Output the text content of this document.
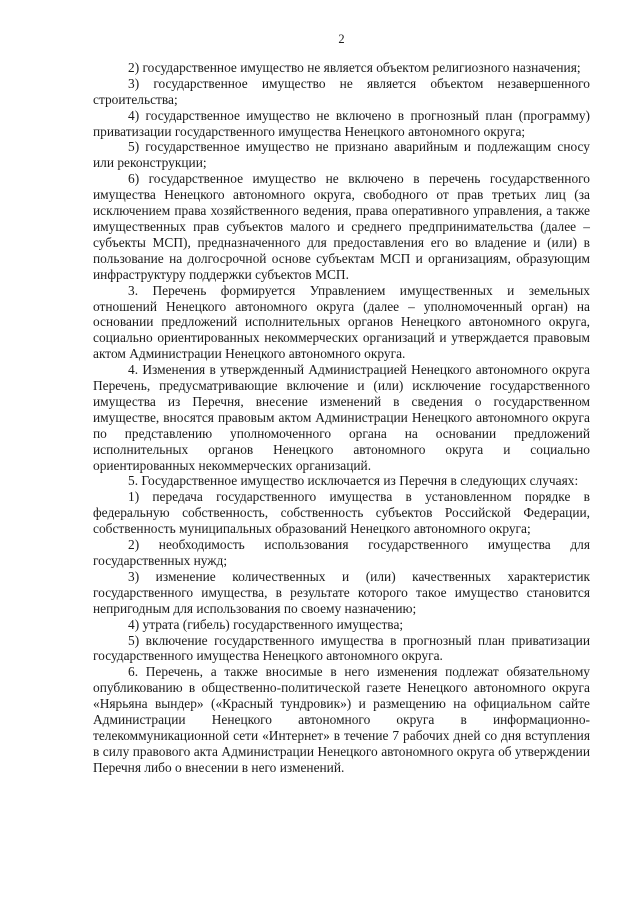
2

2) государственное имущество не является объектом религиозного назначения;

3) государственное имущество не является объектом незавершенного строительства;

4) государственное имущество не включено в прогнозный план (программу) приватизации государственного имущества Ненецкого автономного округа;

5) государственное имущество не признано аварийным и подлежащим сносу или реконструкции;

6) государственное имущество не включено в перечень государственного имущества Ненецкого автономного округа, свободного от прав третьих лиц (за исключением права хозяйственного ведения, права оперативного управления, а также имущественных прав субъектов малого и среднего предпринимательства (далее – субъекты МСП), предназначенного для предоставления его во владение и (или) в пользование на долгосрочной основе субъектам МСП и организациям, образующим инфраструктуру поддержки субъектов МСП.

3. Перечень формируется Управлением имущественных и земельных отношений Ненецкого автономного округа (далее – уполномоченный орган) на основании предложений исполнительных органов Ненецкого автономного округа, социально ориентированных некоммерческих организаций и утверждается правовым актом Администрации Ненецкого автономного округа.

4. Изменения в утвержденный Администрацией Ненецкого автономного округа Перечень, предусматривающие включение и (или) исключение государственного имущества из Перечня, внесение изменений в сведения о государственном имуществе, вносятся правовым актом Администрации Ненецкого автономного округа по представлению уполномоченного органа на основании предложений исполнительных органов Ненецкого автономного округа и социально ориентированных некоммерческих организаций.

5. Государственное имущество исключается из Перечня в следующих случаях:

1) передача государственного имущества в установленном порядке в федеральную собственность, собственность субъектов Российской Федерации, собственность муниципальных образований Ненецкого автономного округа;

2) необходимость использования государственного имущества для государственных нужд;

3) изменение количественных и (или) качественных характеристик государственного имущества, в результате которого такое имущество становится непригодным для использования по своему назначению;

4) утрата (гибель) государственного имущества;

5) включение государственного имущества в прогнозный план приватизации государственного имущества Ненецкого автономного округа.

6. Перечень, а также вносимые в него изменения подлежат обязательному опубликованию в общественно-политической газете Ненецкого автономного округа «Нярьяна вындер» («Красный тундровик») и размещению на официальном сайте Администрации Ненецкого автономного округа в информационно-телекоммуникационной сети «Интернет» в течение 7 рабочих дней со дня вступления в силу правового акта Администрации Ненецкого автономного округа об утверждении Перечня либо о внесении в него изменений.
